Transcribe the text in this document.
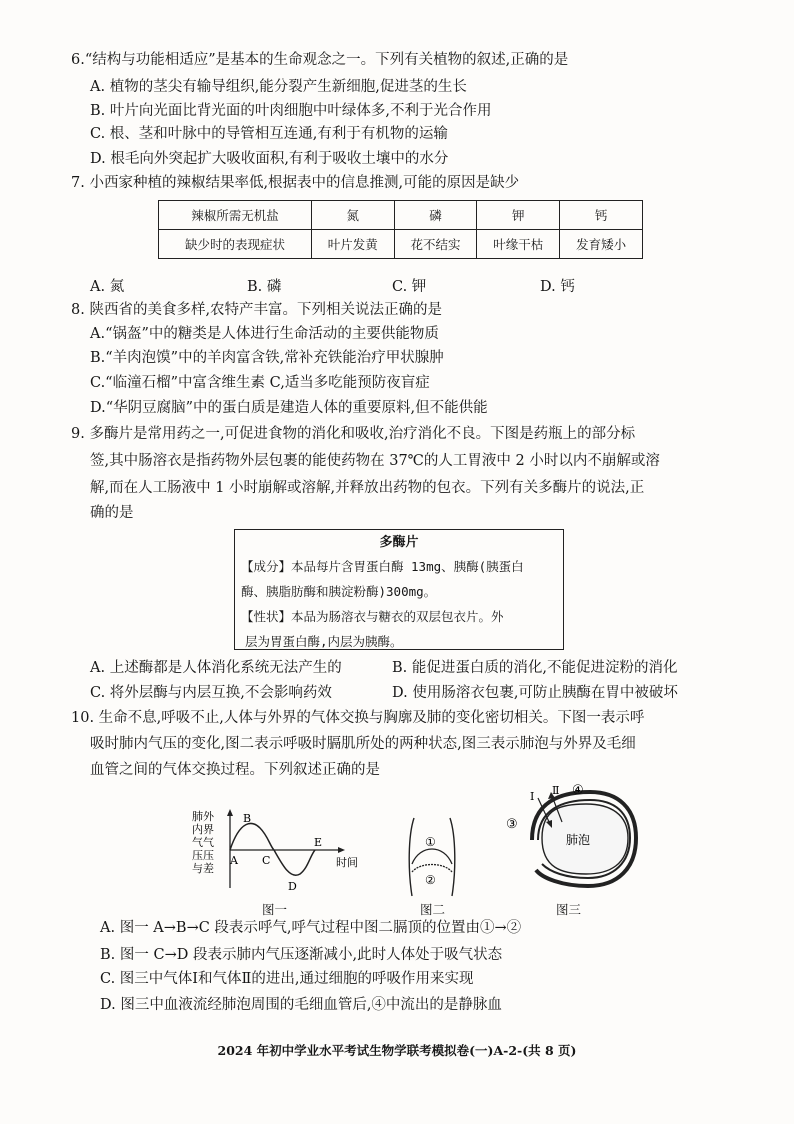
6.“结构与功能相适应”是基本的生命观念之一。下列有关植物的叙述,正确的是
A. 植物的茎尖有输导组织,能分裂产生新细胞,促进茎的生长
B. 叶片向光面比背光面的叶肉细胞中叶绿体多,不利于光合作用
C. 根、茎和叶脉中的导管相互连通,有利于有机物的运输
D. 根毛向外突起扩大吸收面积,有利于吸收土壤中的水分
7. 小西家种植的辣椒结果率低,根据表中的信息推测,可能的原因是缺少
辣椒所需无机盐	氮	磷	钾	钙
缺少时的表现症状	叶片发黄	花不结实	叶缘干枯	发育矮小
A. 氮	B. 磷	C. 钾	D. 钙
8. 陕西省的美食多样,农特产丰富。下列相关说法正确的是
A.“锅盔”中的糖类是人体进行生命活动的主要供能物质
B.“羊肉泡馍”中的羊肉富含铁,常补充铁能治疗甲状腺肿
C.“临潼石榴”中富含维生素 C,适当多吃能预防夜盲症
D.“华阴豆腐脑”中的蛋白质是建造人体的重要原料,但不能供能
9. 多酶片是常用药之一,可促进食物的消化和吸收,治疗消化不良。下图是药瓶上的部分标
签,其中肠溶衣是指药物外层包裹的能使药物在 37℃的人工胃液中 2 小时以内不崩解或溶
解,而在人工肠液中 1 小时崩解或溶解,并释放出药物的包衣。下列有关多酶片的说法,正
确的是
多酶片
【成分】本品每片含胃蛋白酶 13mg、胰酶(胰蛋白
酶、胰脂肪酶和胰淀粉酶)300mg。
【性状】本品为肠溶衣与糖衣的双层包衣片。外
层为胃蛋白酶,内层为胰酶。
A. 上述酶都是人体消化系统无法产生的	B. 能促进蛋白质的消化,不能促进淀粉的消化
C. 将外层酶与内层互换,不会影响药效	D. 使用肠溶衣包裹,可防止胰酶在胃中被破坏
10. 生命不息,呼吸不止,人体与外界的气体交换与胸廓及肺的变化密切相关。下图一表示呼
吸时肺内气压的变化,图二表示呼吸时膈肌所处的两种状态,图三表示肺泡与外界及毛细
血管之间的气体交换过程。下列叙述正确的是
肺外
内界
气气
压压
与差
A
B
C
D
E
时间
图一
①
②
图二
Ⅰ Ⅱ ④
③
肺泡
图三
A. 图一 A→B→C 段表示呼气,呼气过程中图二膈顶的位置由①→②
B. 图一 C→D 段表示肺内气压逐渐减小,此时人体处于吸气状态
C. 图三中气体Ⅰ和气体Ⅱ的进出,通过细胞的呼吸作用来实现
D. 图三中血液流经肺泡周围的毛细血管后,④中流出的是静脉血
2024 年初中学业水平考试生物学联考模拟卷(一)A-2-(共 8 页)
